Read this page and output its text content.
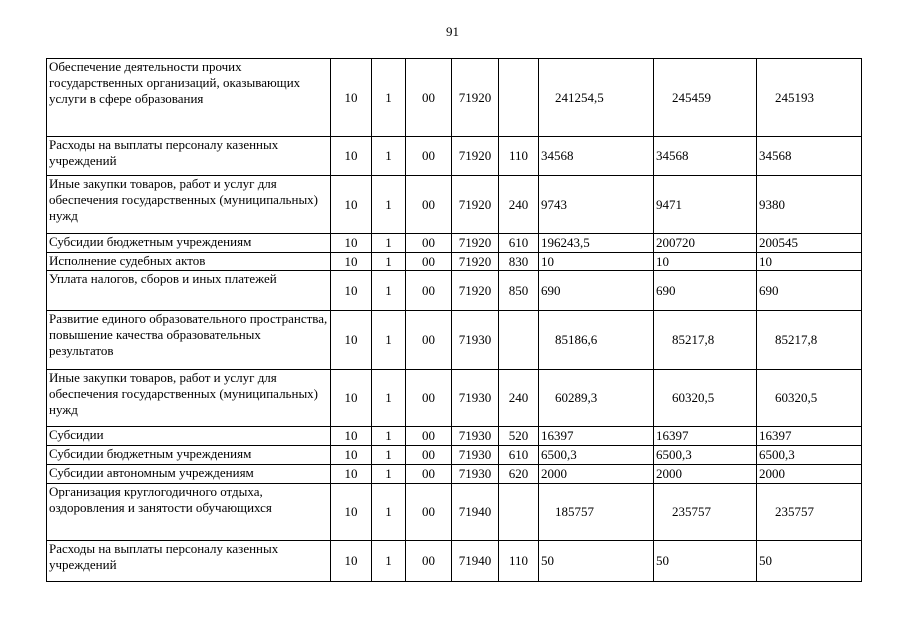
91
Обеспечение деятельности прочих государственных организаций, оказывающих услуги в сфере образования	10	1	00	71920		241254,5	245459	245193
Расходы на выплаты персоналу казенных учреждений	10	1	00	71920	110	34568	34568	34568
Иные закупки товаров, работ и услуг для обеспечения государственных (муниципальных) нужд	10	1	00	71920	240	9743	9471	9380
Субсидии бюджетным учреждениям	10	1	00	71920	610	196243,5	200720	200545
Исполнение судебных актов	10	1	00	71920	830	10	10	10
Уплата налогов, сборов и иных платежей	10	1	00	71920	850	690	690	690
Развитие единого образовательного пространства, повышение качества образовательных результатов	10	1	00	71930		85186,6	85217,8	85217,8
Иные закупки товаров, работ и услуг для обеспечения государственных (муниципальных) нужд	10	1	00	71930	240	60289,3	60320,5	60320,5
Субсидии	10	1	00	71930	520	16397	16397	16397
Субсидии бюджетным учреждениям	10	1	00	71930	610	6500,3	6500,3	6500,3
Субсидии автономным учреждениям	10	1	00	71930	620	2000	2000	2000
Организация круглогодичного отдыха, оздоровления и занятости обучающихся	10	1	00	71940		185757	235757	235757
Расходы на выплаты персоналу казенных учреждений	10	1	00	71940	110	50	50	50
